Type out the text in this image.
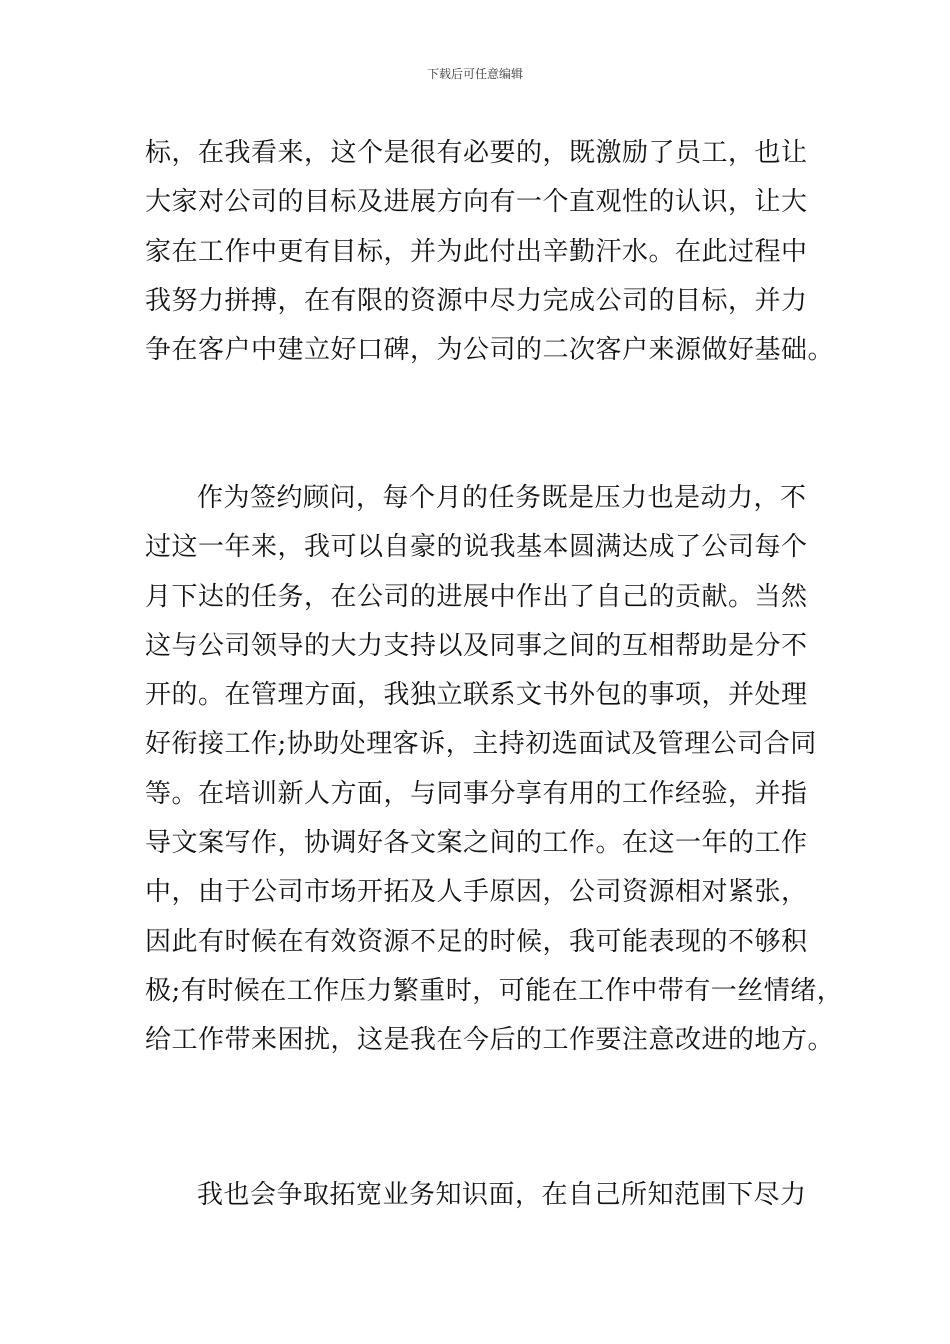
下载后可任意编辑
标，在我看来，这个是很有必要的，既激励了员工，也让
大家对公司的目标及进展方向有一个直观性的认识，让大
家在工作中更有目标，并为此付出辛勤汗水。在此过程中
我努力拼搏，在有限的资源中尽力完成公司的目标，并力
争在客户中建立好口碑，为公司的二次客户来源做好基础。
作为签约顾问，每个月的任务既是压力也是动力，不
过这一年来，我可以自豪的说我基本圆满达成了公司每个
月下达的任务，在公司的进展中作出了自己的贡献。当然
这与公司领导的大力支持以及同事之间的互相帮助是分不
开的。在管理方面，我独立联系文书外包的事项，并处理
好衔接工作;协助处理客诉，主持初选面试及管理公司合同
等。在培训新人方面，与同事分享有用的工作经验，并指
导文案写作，协调好各文案之间的工作。在这一年的工作
中，由于公司市场开拓及人手原因，公司资源相对紧张，
因此有时候在有效资源不足的时候，我可能表现的不够积
极;有时候在工作压力繁重时，可能在工作中带有一丝情绪，
给工作带来困扰，这是我在今后的工作要注意改进的地方。
我也会争取拓宽业务知识面，在自己所知范围下尽力
